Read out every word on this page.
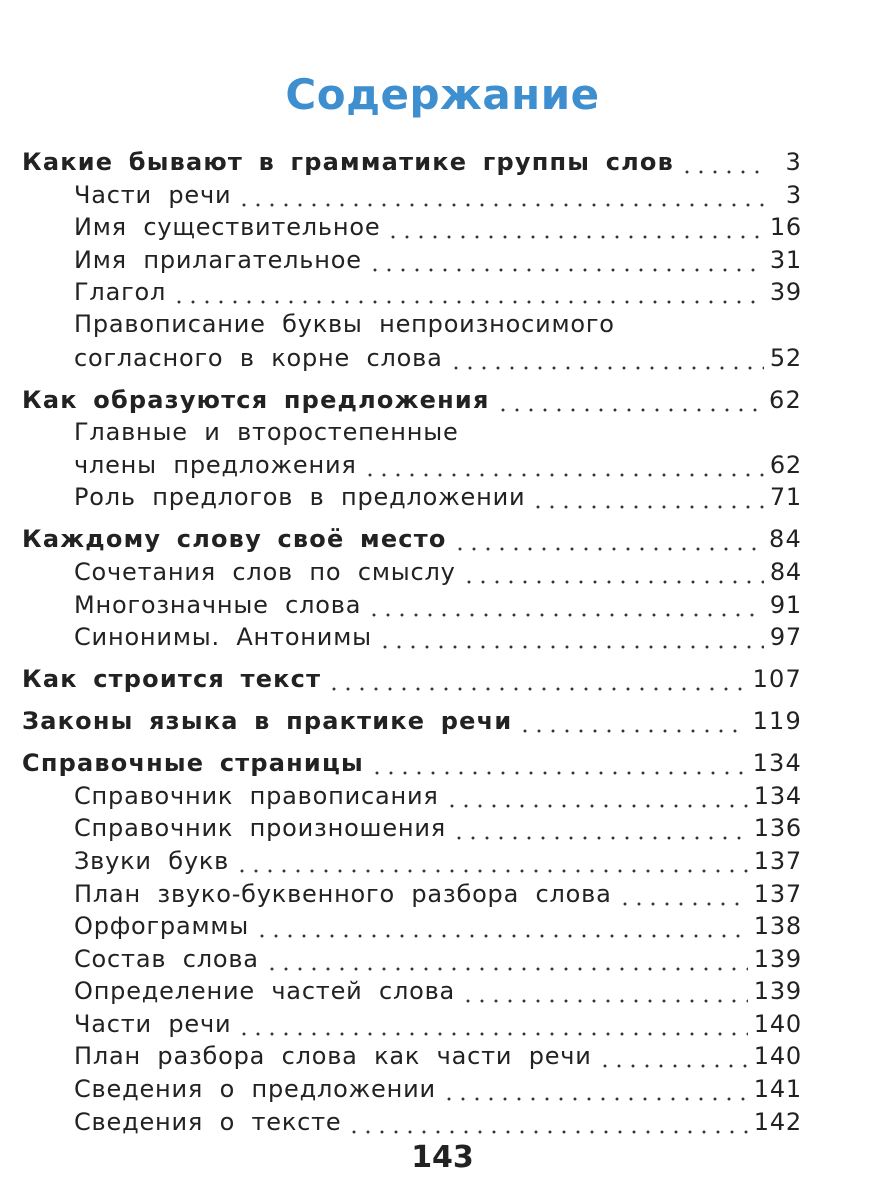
Содержание
Какие бывают в грамматике группы слов	3
Части речи	3
Имя существительное	16
Имя прилагательное	31
Глагол	39
Правописание буквы непроизносимого
согласного в корне слова	52
Как образуются предложения	62
Главные и второстепенные
члены предложения	62
Роль предлогов в предложении	71
Каждому слову своё место	84
Сочетания слов по смыслу	84
Многозначные слова	91
Синонимы. Антонимы	97
Как строится текст	107
Законы языка в практике речи	119
Справочные страницы	134
Справочник правописания	134
Справочник произношения	136
Звуки букв	137
План звуко-буквенного разбора слова	137
Орфограммы	138
Состав слова	139
Определение частей слова	139
Части речи	140
План разбора слова как части речи	140
Сведения о предложении	141
Сведения о тексте	142
143
